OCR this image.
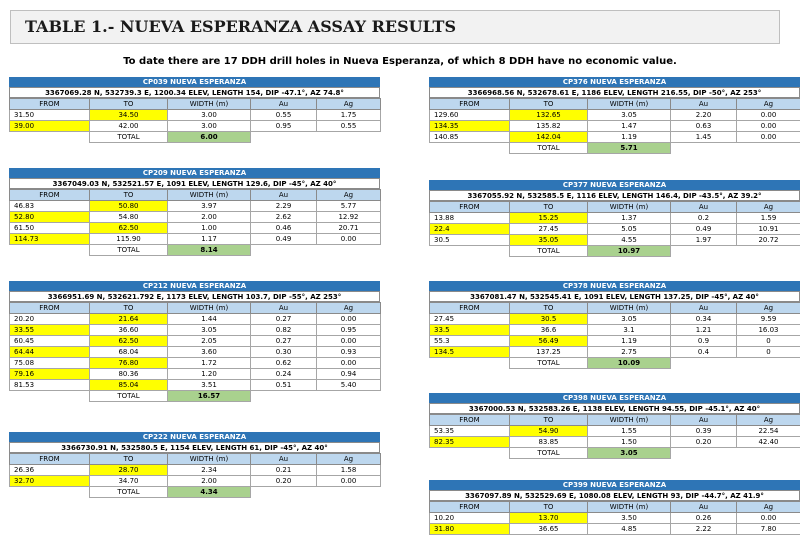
TABLE 1.- NUEVA ESPERANZA ASSAY RESULTS
To date there are 17 DDH drill holes in Nueva Esperanza, of which 8 DDH have no economic value.
CP039 NUEVA ESPERANZA
3367069.28 N, 532739.3 E, 1200.34 ELEV, LENGTH 154, DIP -47.1°, AZ 74.8°
FROM	TO	WIDTH (m)	Au	Ag
31.50	34.50	3.00	0.55	1.75
39.00	42.00	3.00	0.95	0.55
	TOTAL	6.00		
CP209 NUEVA ESPERANZA
3367049.03 N, 532521.57 E, 1091 ELEV, LENGTH 129.6, DIP -45°, AZ 40°
FROM	TO	WIDTH (m)	Au	Ag
46.83	50.80	3.97	2.29	5.77
52.80	54.80	2.00	2.62	12.92
61.50	62.50	1.00	0.46	20.71
114.73	115.90	1.17	0.49	0.00
	TOTAL	8.14		
CP212 NUEVA ESPERANZA
3366951.69 N, 532621.792 E, 1173 ELEV, LENGTH 103.7, DIP -55°, AZ 253°
FROM	TO	WIDTH (m)	Au	Ag
20.20	21.64	1.44	0.27	0.00
33.55	36.60	3.05	0.82	0.95
60.45	62.50	2.05	0.27	0.00
64.44	68.04	3.60	0.30	0.93
75.08	76.80	1.72	0.62	0.00
79.16	80.36	1.20	0.24	0.94
81.53	85.04	3.51	0.51	5.40
	TOTAL	16.57		
CP222 NUEVA ESPERANZA
3366730.91 N, 532580.5 E, 1154 ELEV, LENGTH 61, DIP -45°, AZ 40°
FROM	TO	WIDTH (m)	Au	Ag
26.36	28.70	2.34	0.21	1.58
32.70	34.70	2.00	0.20	0.00
	TOTAL	4.34		
CP376 NUEVA ESPERANZA
3366968.56 N, 532678.61 E, 1186 ELEV, LENGTH 216.55, DIP -50°, AZ 253°
FROM	TO	WIDTH (m)	Au	Ag
129.60	132.65	3.05	2.20	0.00
134.35	135.82	1.47	0.63	0.00
140.85	142.04	1.19	1.45	0.00
	TOTAL	5.71		
CP377 NUEVA ESPERANZA
3367055.92 N, 532585.5 E, 1116 ELEV, LENGTH 146.4, DIP -43.5°, AZ 39.2°
FROM	TO	WIDTH (m)	Au	Ag
13.88	15.25	1.37	0.2	1.59
22.4	27.45	5.05	0.49	10.91
30.5	35.05	4.55	1.97	20.72
	TOTAL	10.97		
CP378 NUEVA ESPERANZA
3367081.47 N, 532545.41 E, 1091 ELEV, LENGTH 137.25, DIP -45°, AZ 40°
FROM	TO	WIDTH (m)	Au	Ag
27.45	30.5	3.05	0.34	9.59
33.5	36.6	3.1	1.21	16.03
55.3	56.49	1.19	0.9	0
134.5	137.25	2.75	0.4	0
	TOTAL	10.09		
CP398 NUEVA ESPERANZA
3367000.53 N, 532583.26 E, 1138 ELEV, LENGTH 94.55, DIP -45.1°, AZ 40°
FROM	TO	WIDTH (m)	Au	Ag
53.35	54.90	1.55	0.39	22.54
82.35	83.85	1.50	0.20	42.40
	TOTAL	3.05		
CP399 NUEVA ESPERANZA
3367097.89 N, 532529.69 E, 1080.08 ELEV, LENGTH 93, DIP -44.7°, AZ 41.9°
FROM	TO	WIDTH (m)	Au	Ag
10.20	13.70	3.50	0.26	0.00
31.80	36.65	4.85	2.22	7.80
